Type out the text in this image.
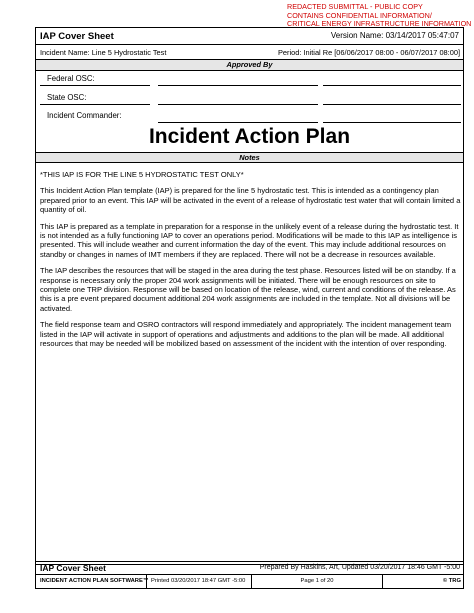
REDACTED SUBMITTAL - PUBLIC COPY
CONTAINS CONFIDENTIAL INFORMATION/
CRITICAL ENERGY INFRASTRUCTURE INFORMATION
IAP Cover Sheet	Version Name: 03/14/2017 05:47:07
Incident Name: Line 5 Hydrostatic Test	Period: Initial Re [06/06/2017 08:00 - 06/07/2017 08:00]
Approved By
Federal OSC:
State OSC:
Incident Commander:
Incident Action Plan
Notes

*THIS IAP IS FOR THE LINE 5 HYDROSTATIC TEST ONLY*

This Incident Action Plan template (IAP) is prepared for the line 5 hydrostatic test. This is intended as a contingency plan prepared prior to an event. This IAP will be activated in the event of a release of hydrostatic test water that will contain limited a quantity of oil.

This IAP is prepared as a template in preparation for a response in the unlikely event of a release during the hydrostatic test. It is not intended as a fully functioning IAP to cover an operations period. Modifications will be made to this IAP as intelligence is presented. This will include weather and current information the day of the event. This may include additional resources on standby or changes in names of IMT members if they are replaced. There will not be a decrease in resources available.

The IAP describes the resources that will be staged in the area during the test phase. Resources listed will be on standby. If a response is necessary only the proper 204 work assignments will be initiated. There will be enough resources on site to complete one TRP division. Response will be based on location of the release, wind, current and conditions of the release. As this is a pre event prepared document additional 204 work assignments are included in the template. Not all divisions will be activated.

The field response team and OSRO contractors will respond immediately and appropriately. The incident management team listed in the IAP will activate in support of operations and adjustments and additions to the plan will be made. All additional resources that may be needed will be mobilized based on assessment of the incident with the intention of over responding.

IAP Cover Sheet	Prepared By Haskins, Art, Updated 03/20/2017 18:46 GMT -5:00
INCIDENT ACTION PLAN SOFTWARE™ Printed 03/20/2017 18:47 GMT -5:00	Page 1 of 20	© TRG
